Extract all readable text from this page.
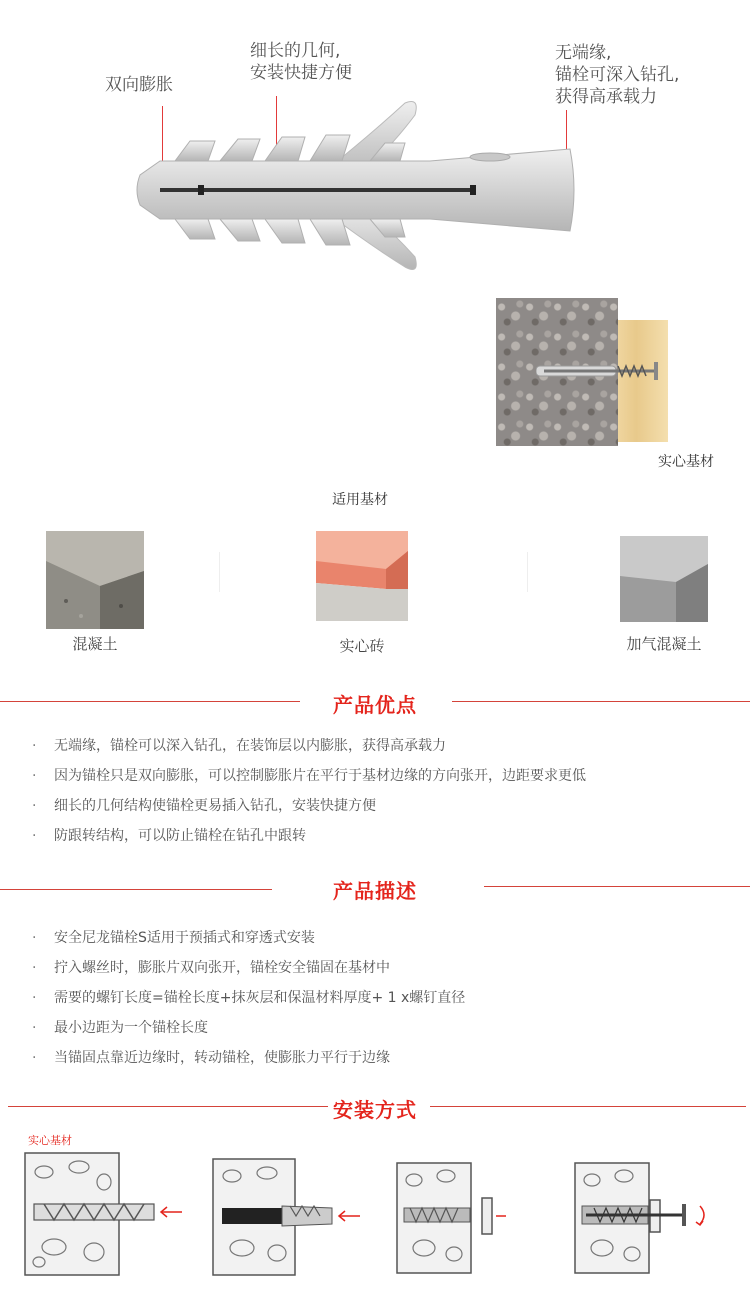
双向膨胀
细长的几何,
安装快捷方便
无端缘,
锚栓可深入钻孔,
获得高承载力
实心基材
适用基材
混凝土	实心砖	加气混凝土
产品优点
· 无端缘，锚栓可以深入钻孔，在装饰层以内膨胀，获得高承载力
· 因为锚栓只是双向膨胀，可以控制膨胀片在平行于基材边缘的方向张开，边距要求更低
· 细长的几何结构使锚栓更易插入钻孔，安装快捷方便
· 防跟转结构，可以防止锚栓在钻孔中跟转
产品描述
· 安全尼龙锚栓S适用于预插式和穿透式安装
· 拧入螺丝时，膨胀片双向张开，锚栓安全锚固在基材中
· 需要的螺钉长度=锚栓长度+抹灰层和保温材料厚度+ 1 x螺钉直径
· 最小边距为一个锚栓长度
· 当锚固点靠近边缘时，转动锚栓，使膨胀力平行于边缘
安装方式
实心基材
